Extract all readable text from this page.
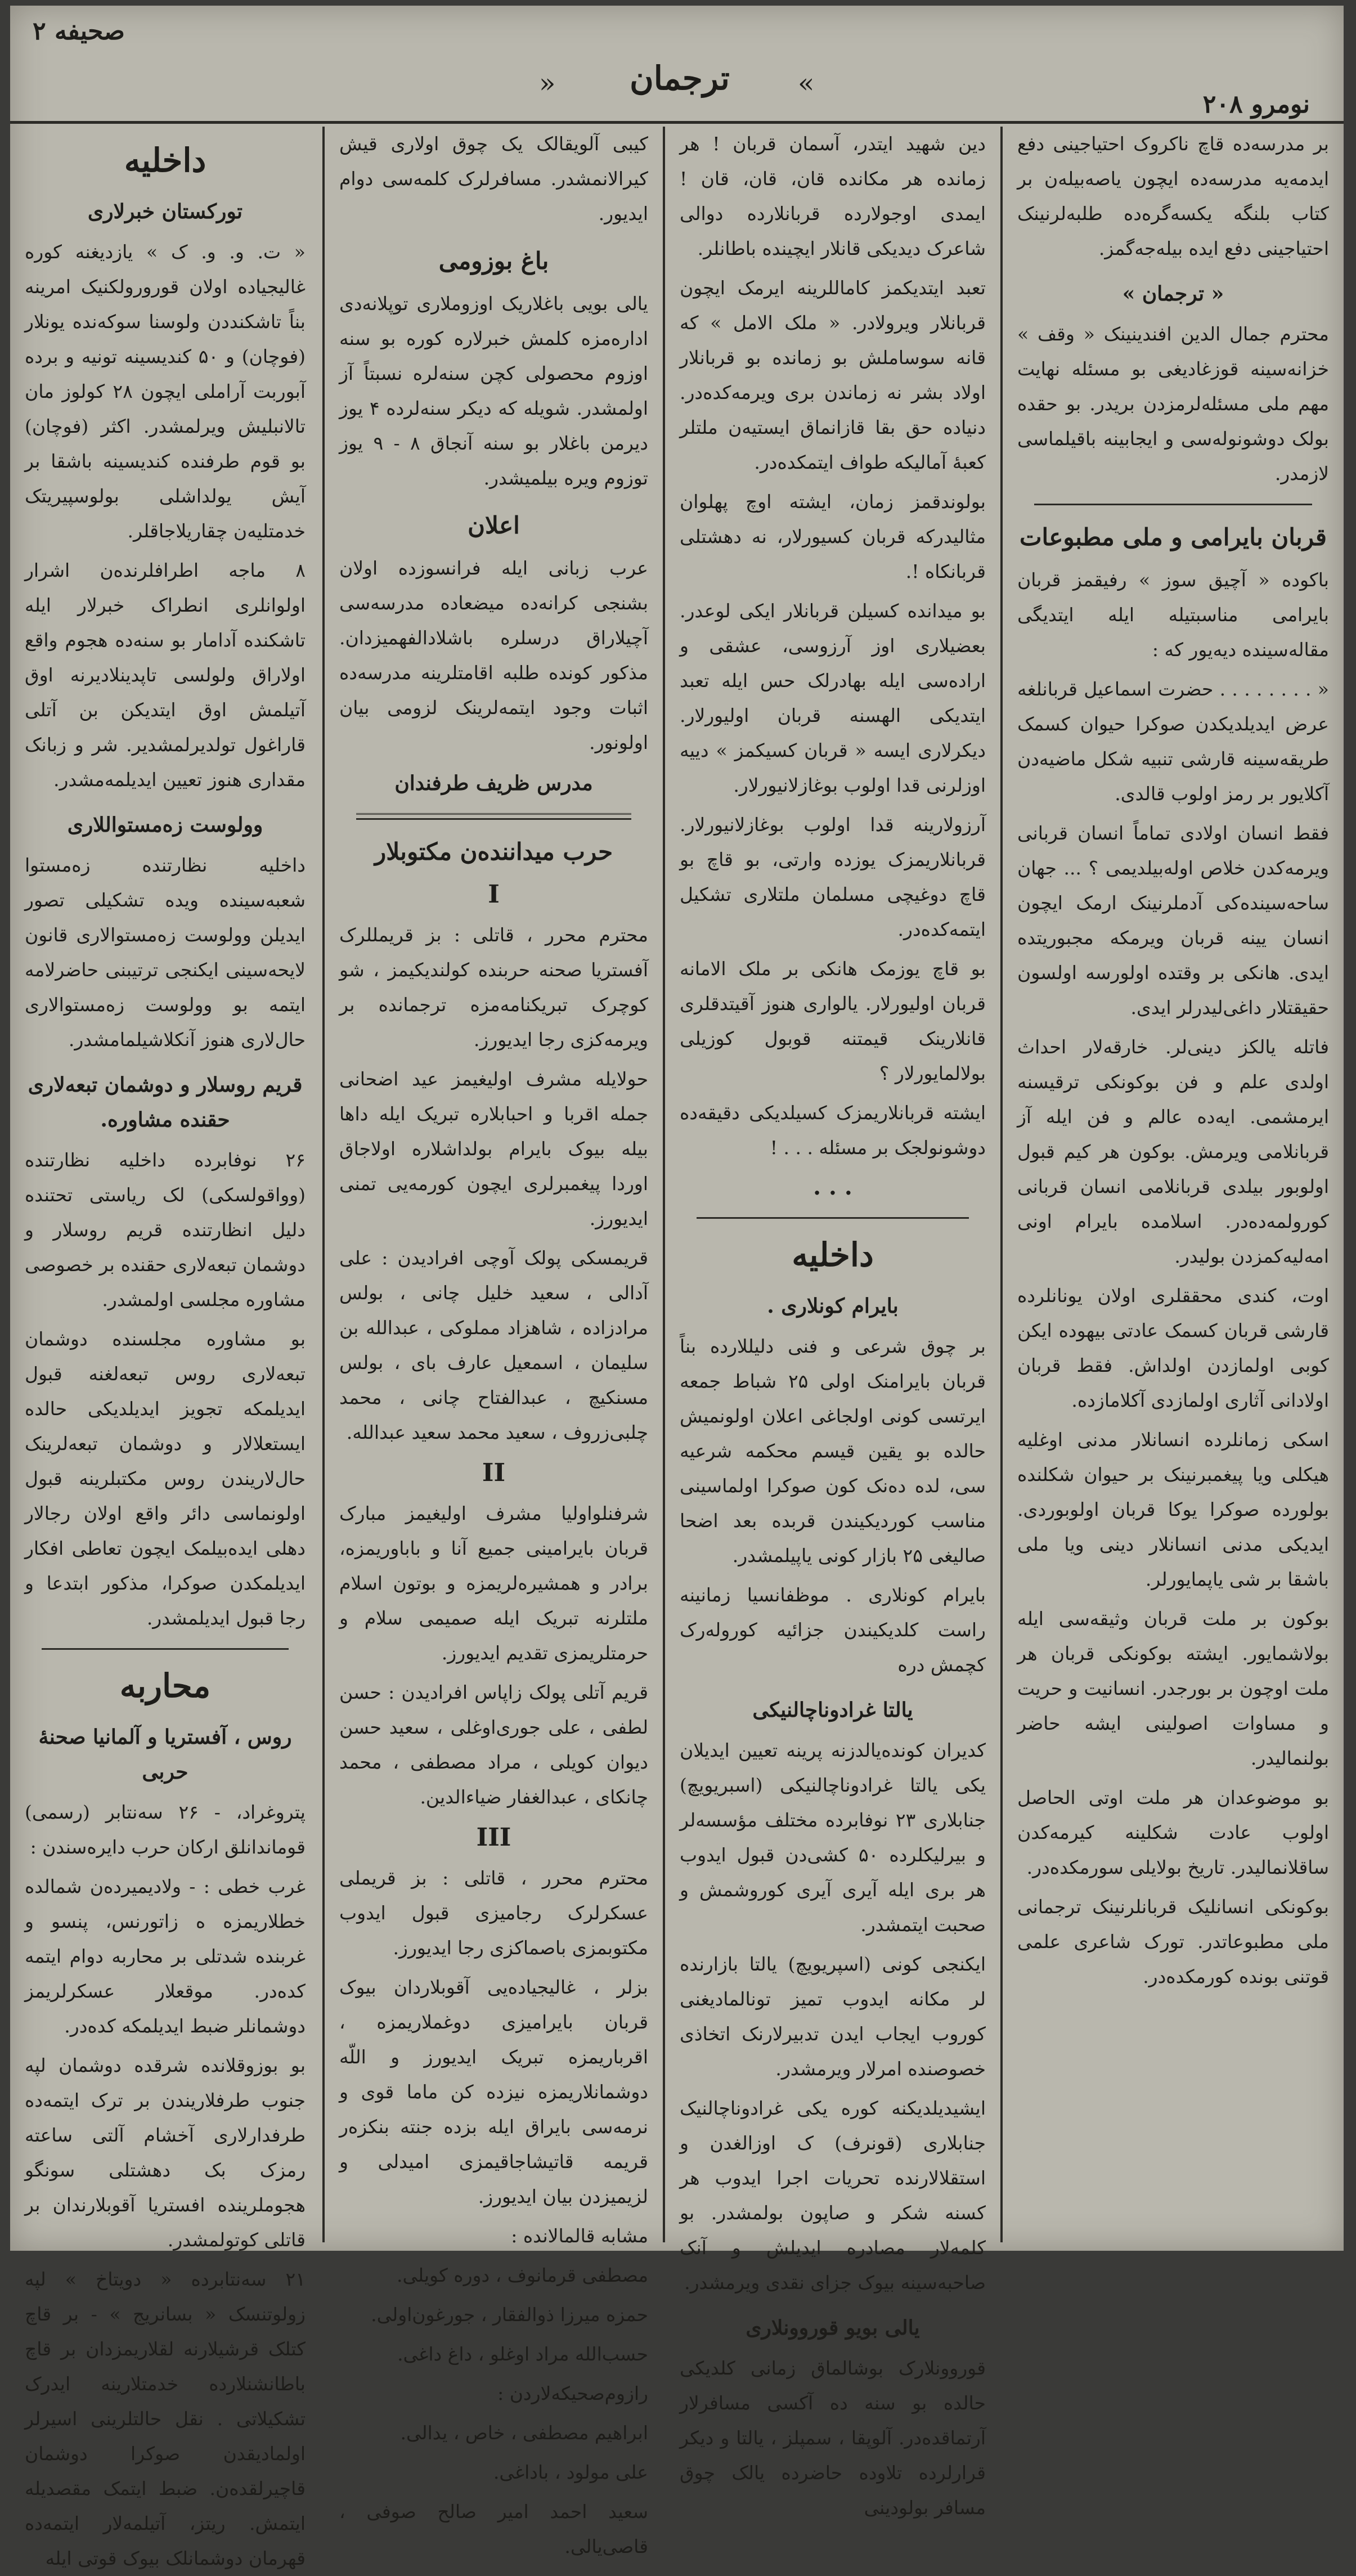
ترجمان
«	»
نومرو ۲۰۸
صحیفه ۲

بر مدرسه‌ده قاچ ناکروک احتیاجینی دفع ایدمه‌یه مدرسه‌ده ایچون یاصه‌بیله‌ن بر کتاب بلنگه یکسه‌گره‌ده طلبه‌لرنینک احتیاجینی دفع ایده بیله‌جه‌گمز.

« ترجمان »

محترم جمال الدین افندینینک « وقف » خزانه‌سینه قوزغادیغی بو مسئله نهایت مهم ملی مسئله‌لرمزدن بریدر. بو حقده بولک دوشونوله‌سی و ایجابینه باقیلماسی لازمدر.

قربان بایرامی و ملی مطبوعات

باکوده « آچیق سوز » رفیقمز قربان بایرامی مناسبتیله ایله ایتدیگی مقاله‌سینده دیه‌یور که :

« . . . . . . . . حضرت اسماعیل قربانلغه عرض ایدیلدیکدن صوکرا حیوان کسمک طریقه‌سینه قارشی تنبیه شکل ماضیه‌دن آکلایور بر رمز اولوب قالدی.

فقط انسان اولادی تماماً انسان قربانی ویرمه‌کدن خلاص اوله‌بیلدیمی ؟ ... جهان ساحه‌سینده‌کی آدملرنینک ارمک ایچون انسان یینه قربان ویرمکه مجبوریتده ایدی. هانکی بر وقتده اولورسه اولسون حقیقتلار داغی‌لیدرلر ایدی.

فاتله یالکز دینی‌لر. خارقه‌لار احداث اولدی علم و فن بوکونکی ترقیسنه ایرمشمی. ایه‌ده عالم و فن ایله آز قربانلامی ویرمش. بوکون هر کیم قبول اولوبور بیلدی قربانلامی انسان قربانی کورولمه‌ده‌در. اسلامده بایرام اونی امه‌لیه‌کمزدن بولیدر.

اوت، کندی محققلری اولان یونانلرده قارشی قربان کسمک عادتی بیهوده ایکن کوبی اولمازدن اولداش. فقط قربان اولادانی آثاری اولمازدی آکلامازده.

اسکی زمانلرده انسانلار مدنی اوغلیه هیکلی ویا پیغمبرنینک بر حیوان شکلنده بولورده صوکرا یوکا قربان اولوبوردی. ایدیکی مدنی انسانلار دینی ویا ملی باشقا بر شی یاپمایورلر.

بوکون بر ملت قربان وثیقه‌سی ایله بولاشمایور. ایشته بوکونکی قربان هر ملت اوچون بر بورجدر. انسانیت و حریت و مساوات اصولینی ایشه حاضر بولنمالیدر.

بو موضوعدان هر ملت اوتی الحاصل اولوب عادت شکلینه کیرمه‌کدن ساقلانمالیدر. تاریخ بولایلی سورمکده‌در.

بوکونکی انسانلیک قربانلرنینک ترجمانی ملی مطبوعاتدر. تورک شاعری علمی قوتنی بونده کورمکده‌در.

دین شهید ایتدر، آسمان قربان ! هر زمانده هر مکانده قان، قان، قان ! ایمدی اوجولارده قربانلارده دوالی شاعرک دیدیکی قانلار ایچینده باطانلر.

تعبد ایتدیکمز کاماللرینه ایرمک ایچون قربانلار ویرولادر. « ملک الامل » که قانه سوساملش بو زمانده بو قربانلار اولاد بشر نه زماندن بری ویرمه‌کده‌در. دنیاده حق بقا قازانماق ایستیه‌ن ملتلر کعبهٔ آمالیکه طواف ایتمکده‌در.

بولوندقمز زمان، ایشته اوچ پهلوان مثالیدرکه قربان کسیورلار، نه دهشتلی قربانکاه !.

بو میدانده کسیلن قربانلار ایکی لوعدر. بعضیلاری اوز آرزوسی، عشقی و اراده‌سی ایله بهادرلک حس ایله تعبد ایتدیکی الهسنه قربان اولیورلار. دیکرلاری ایسه « قربان کسیکمز » دییه اوزلرنی قدا اولوب بوغازلانیورلار.

آرزولارینه قدا اولوب بوغازلانیورلار. قربانلاریمزک یوزده وارتی، بو قاچ بو قاچ دوغیچی مسلمان ملتلاری تشکیل ایتمه‌کده‌در.

بو قاچ یوزمک هانکی بر ملک الامانه قربان اولیورلار. یالواری هنوز آقیتدقلری قانلارینک قیمتنه قوبول کوزیلی بولالمایورلار ؟

ایشته قربانلاریمزک کسیلدیکی دقیقه‌ده دوشونولجک بر مسئله . . . !

. . .
داخلیه
بایرام کونلاری .

بر چوق شرعی و فنی دلیللارده بناً قربان بایرامنک اولی ۲۵ شباط جمعه ایرتسی کونی اولجاغی اعلان اولونمیش حالده بو یقین قیسم محکمه شرعیه سی، لده ده‌نک کون صوکرا اولماسینی مناسب کوردیکیندن قربده بعد اضحا صالیغی ۲۵ بازار کونی یاپیلمشدر.

بایرام کونلاری . موظفانسیا زمانینه راست کلدیکیندن جزائیه کوروله‌رک کچمش‌ دره

یالتا غرادوناچالنیکی

کدیران کونده‌یالدزنه پرینه تعیین ایدیلان یکی یالتا غرادوناچالنیکی (اسبریویچ) جنابلاری ۲۳ نوفابرده مختلف مؤسسه‌لر و بیرلیکلرده ۵۰ کشی‌دن قبول ایدوب هر بری ایله آیری آیری کوروشمش و صحبت ایتمشدر.

ایکنجی کونی (اسپریویچ) یالتا بازارنده لر مکانه ایدوب تمیز تونالمادیغنی کوروب ایجاب ایدن تدبیرلارنک اتخاذی خصوصنده امرلار ویرمشدر.

ایشیدیلدیکنه کوره یکی غرادوناچالنیک جنابلاری (قونرف) ک اوزالغدن و استقلالارنده تحریات اجرا ایدوب هر کسنه شکر و صاپون بولمشدر. بو کلمه‌لار مصادره ایدیلش و آنک صاحبه‌سینه بیوک جزای نقدی ویرمشدر.

یالی بویو قوروونلاری

قوروونلارک بوشالماق زمانی کلدیکی حالده بو سنه ده آکسی مسافرلار آرتماقده‌در. آلوپقا ، سمپلز ، یالتا و دیکر قرارلرده تلاوده حاضرده یالک چوق مسافر بولودینی

کیبی آلویقالک یک چوق اولاری قیش کیرالانمشدر. مسافرلرک کلمه‌سی دوام ایدیور.

باغ بوزومی

یالی بویی باغلاریک اوزوملاری توپلانه‌دی اداره‌مزه کلمش خبرلاره کوره بو سنه اوزوم محصولی کچن سنه‌لره نسبتاً آز اولمشدر. شویله که دیکر سنه‌لرده ۴ یوز دیرمن باغلار بو سنه آنجاق ۸ - ۹ یوز توزوم ویره بیلمیشدر.

اعلان

عرب زبانی ایله فرانسوزده اولان بشنجی کرانه‌ده‌ میضعاده مدرسه‌سی آچیلاراق درسلره باشلادالفهمیزدان. مذکور کونده طلبه اقامتلرینه مدرسه‌ده اثبات وجود ایتمه‌لرینک لزومی بیان اولونور.

مدرس ظریف طرفندان
حرب میداننده‌ن مکتوبلار
I

محترم محرر ، قاتلی : بز قریمللرک آفستریا صحنه حربنده کولندیکیمز ، شو کوچرک تبریکنامه‌مزه ترجمانده بر ویرمه‌کزی رجا ایدیورز.

حولایله مشرف اولیغیمز عید اضحانی جمله اقربا و احبابلاره تبریک ایله داها بیله بیوک بایرام بولداشلاره اولاجاق اوردا پیغمبرلری ایچون کورمه‌یی تمنی ایدیورز.

قریمسکی پولک آوچی افرادیدن : علی آدالی ، سعید خلیل چانی ، بولس مرادزاده ، شاهزاد مملوکی ، عبدالله بن سلیمان ، اسمعیل عارف بای ، بولس مسنکیچ ، عبدالفتاح چانی ، محمد چلبی‌زروف ، سعید محمد سعید عبدالله.

II

شرفنلواولیا مشرف اولیغیمز مبارک قربان بایرامینی جمیع آنا و باباوریمزه، برادر و همشیره‌لریمزه و بوتون اسلام ملتلرنه تبریک ایله صمیمی سلام و حرمتلریمزی تقدیم ایدیورز.

قریم آتلی پولک زاپاس افرادیدن : حسن لطفی ، علی جوری‌اوغلی ، سعید حسن دیوان کویلی ، مراد مصطفی ، محمد چانکای ، عبدالغفار ضیاءالدین.

III

محترم محرر ، قاتلی : بز قریملی عسکرلرک رجامیزی قبول ایدوب مکتوبمزی باصماکزی رجا ایدیورز.

بزلر ، غالیجیاده‌یی آقوبلاردان بیوک قربان بایرامیزی دوغملاریمزه ، اقرباریمزه تبریک ایدیورز و اللّه دوشمانلاریمزه نیزده کن ماما قوی و نرمه‌سی بایراق ایله بزده جنته بنکزه‌ر قریمه قاتیشاجاقیمزی امیدلی و لزیمیزدن بیان ایدیورز.

مشابه قالمالانده :

مصطفی قرمانوف ، دوره کویلی.

حمزه میرزا ذوالفقار ، جورغون‌اولی.

حسب‌الله مراد اوغلو ، داغ داغی.

رازوم‌صحیکه‌لاردن :

ابراهیم مصطفی ، خاص ، یدالی.

علی مولود ، باداغی.

سعید احمد امیر صالح صوفی ، قاصی‌یالی.

داخلیه
تورکستان خبرلاری

« ت. و. و. ک » یازدیغنه کوره غالیجیاده اولان قورورولکنیک امرینه بناً تاشکنددن ولوسنا سوکه‌نده یونلار (فوچان) و ۵۰ کندیسینه تونیه و برده آبوربت آراملی ایچون ۲۸ کولوز مان تالانبلیش ویرلمشدر. اکثر (فوچان) بو قوم طرفنده کندیسینه باشقا بر آیش یولداشلی بولوسپیریتک خدمتلیه‌ن چقاریلاجاقلر.

۸ ماجه اطرافلرنده‌ن اشرار اولوانلری انطراک خبرلار ایله تاشکنده آدامار بو سنه‌ده هجوم واقع اولاراق ولولسی تاپدینلادیرنه اوق آتیلمش اوق ایتدیکن بن آتلی قاراغول تولدیرلمشدیر. شر و زبانک مقداری هنوز تعیین ایدیلمه‌مشدر.

وولوست زه‌مستواللاری

داخلیه نظارتنده زه‌مستوا شعبه‌سینده ویده تشکیلی تصور ایدیلن وولوست زه‌مستوالاری قانون لایحه‌سینی ایکنجی ترتیبنی حاضرلامه ایتمه بو وولوست زه‌مستوالاری حال‌لاری هنوز آنکلاشیلمامشدر.

قریم روسلار و دوشمان تبعه‌لاری حقنده مشاوره.

۲۶ نوفابرده داخلیه نظارتنده (وواقولسکی) لک ریاستی تحتنده دلیل انظارتنده قریم روسلار و دوشمان تبعه‌لاری حقنده بر خصوصی مشاوره مجلسی اولمشدر.

بو مشاوره مجلسنده دوشمان تبعه‌لاری روس تبعه‌لغنه قبول ایدیلمکه تجویز ایدیلدیکی حالده ایستعلالار و دوشمان تبعه‌لرینک حال‌لاریندن روس مکتبلرینه قبول اولونماسی دائر واقع اولان رجالار دهلی ایده‌بیلمک ایچون تعاطی افکار ایدیلمکدن صوکرا، مذکور ابتدعا و رجا قبول ایدیلمشدر.

محاربه
روس ، آفستریا و آلمانیا صحنهٔ حربی

پتروغراد، - ۲۶ سه‌نتابر (رسمی) قوماندانلق ارکان حرب دایره‌سندن :

غرب خطی : - ولاديميرده‌ن شمالده خطلاریمزه ه زاتورنس، پنسو و غربنده شدتلی بر محاربه دوام ایتمه کده‌در. موقعلار عسکرلریمز دوشمانلر ضبط ایدیلمکه کده‌در.

بو بوزوقلانده شرقده دوشمان لپه جنوب طرفلاریندن بر ترک ایتمه‌ده طرفدارلاری آخشام آلتی ساعته رمزک بک دهشتلی سونگو هجوملرینده افستریا آقوبلارندان بر قاتلی کوتولمشدر.

۲۱ سه‌نتابرده « دو‌یتاخ » لپه زولوتنسک « بسانریج » - بر قاچ کتلک قرشیلارنه لقلاریمزدان بر قاچ باطانشنلارده خدمتلارینه ایدرک تشکیلاتی . نقل حالتلرینی اسیرلر اولمادیقدن صوکرا دوشمان قاچیرلقده‌ن. ضبط ایتمک مقصدیله ایتمش. ریتز، آتیلمه‌لار ایتمه‌ده قهرمان دوشمانلک بیوک قوتی ایله
